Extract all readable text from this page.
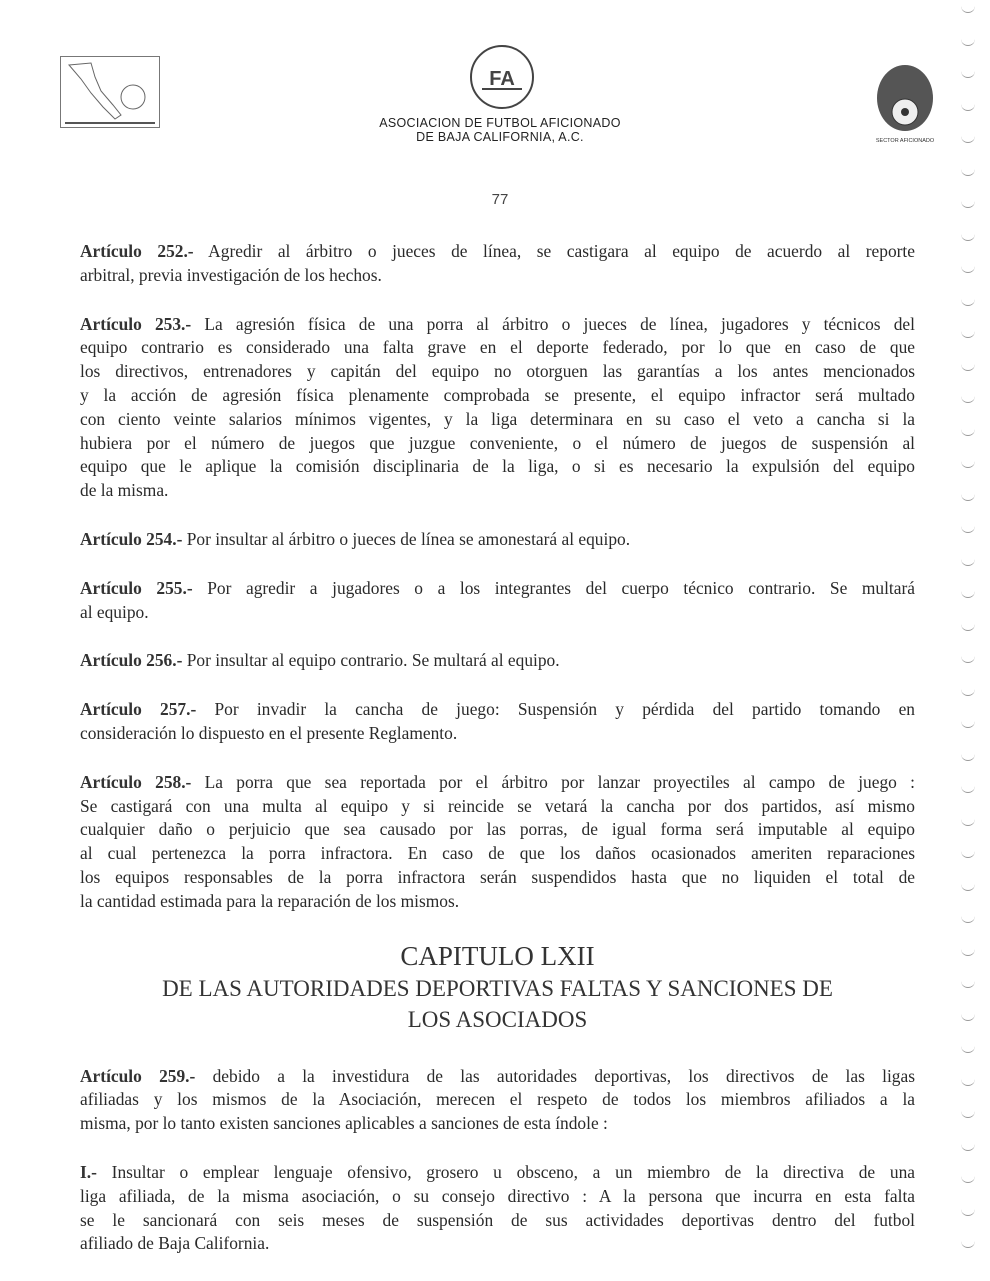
FA
SECTOR AFICIONADO
ASOCIACION DE FUTBOL AFICIONADO
DE BAJA CALIFORNIA, A.C.
77
Artículo 252.- Agredir al árbitro o jueces de línea, se castigara al equipo de acuerdo al reporte
arbitral, previa investigación de los hechos.
Artículo 253.- La agresión física de una porra al árbitro o jueces de línea, jugadores y técnicos del
equipo contrario es considerado una falta grave en el deporte federado, por lo que en caso de que
los directivos, entrenadores y capitán del equipo no otorguen las garantías a los antes mencionados
y la acción de agresión física plenamente comprobada se presente, el equipo infractor será multado
con ciento veinte salarios mínimos vigentes, y la liga determinara en su caso el veto a cancha si la
hubiera por el número de juegos que juzgue conveniente, o el número de juegos de suspensión al
equipo que le aplique la comisión disciplinaria de la liga, o si es necesario la expulsión del equipo
de la misma.
Artículo 254.- Por insultar al árbitro o jueces de línea se amonestará al equipo.
Artículo 255.- Por agredir a jugadores o a los integrantes del cuerpo técnico contrario. Se multará
al equipo.
Artículo 256.- Por insultar al equipo contrario. Se multará al equipo.
Artículo 257.- Por invadir la cancha de juego: Suspensión y pérdida del partido tomando en
consideración lo dispuesto en el presente Reglamento.
Artículo 258.- La porra que sea reportada por el árbitro por lanzar proyectiles al campo de juego :
Se castigará con una multa al equipo y si reincide se vetará la cancha por dos partidos, así mismo
cualquier daño o perjuicio que sea causado por las porras, de igual forma será imputable al equipo
al cual pertenezca la porra infractora. En caso de que los daños ocasionados ameriten reparaciones
los equipos responsables de la porra infractora serán suspendidos hasta que no liquiden el total de
la cantidad estimada para la reparación de los mismos.
CAPITULO LXII
DE LAS AUTORIDADES DEPORTIVAS FALTAS Y SANCIONES DE
LOS ASOCIADOS
Artículo 259.- debido a la investidura de las autoridades deportivas, los directivos de las ligas
afiliadas y los mismos de la Asociación, merecen el respeto de todos los miembros afiliados a la
misma, por lo tanto existen sanciones aplicables a sanciones de esta índole :
I.- Insultar o emplear lenguaje ofensivo, grosero u obsceno, a un miembro de la directiva de una
liga afiliada, de la misma asociación, o su consejo directivo : A la persona que incurra en esta falta
se le sancionará con seis meses de suspensión de sus actividades deportivas dentro del futbol
afiliado de Baja California.
